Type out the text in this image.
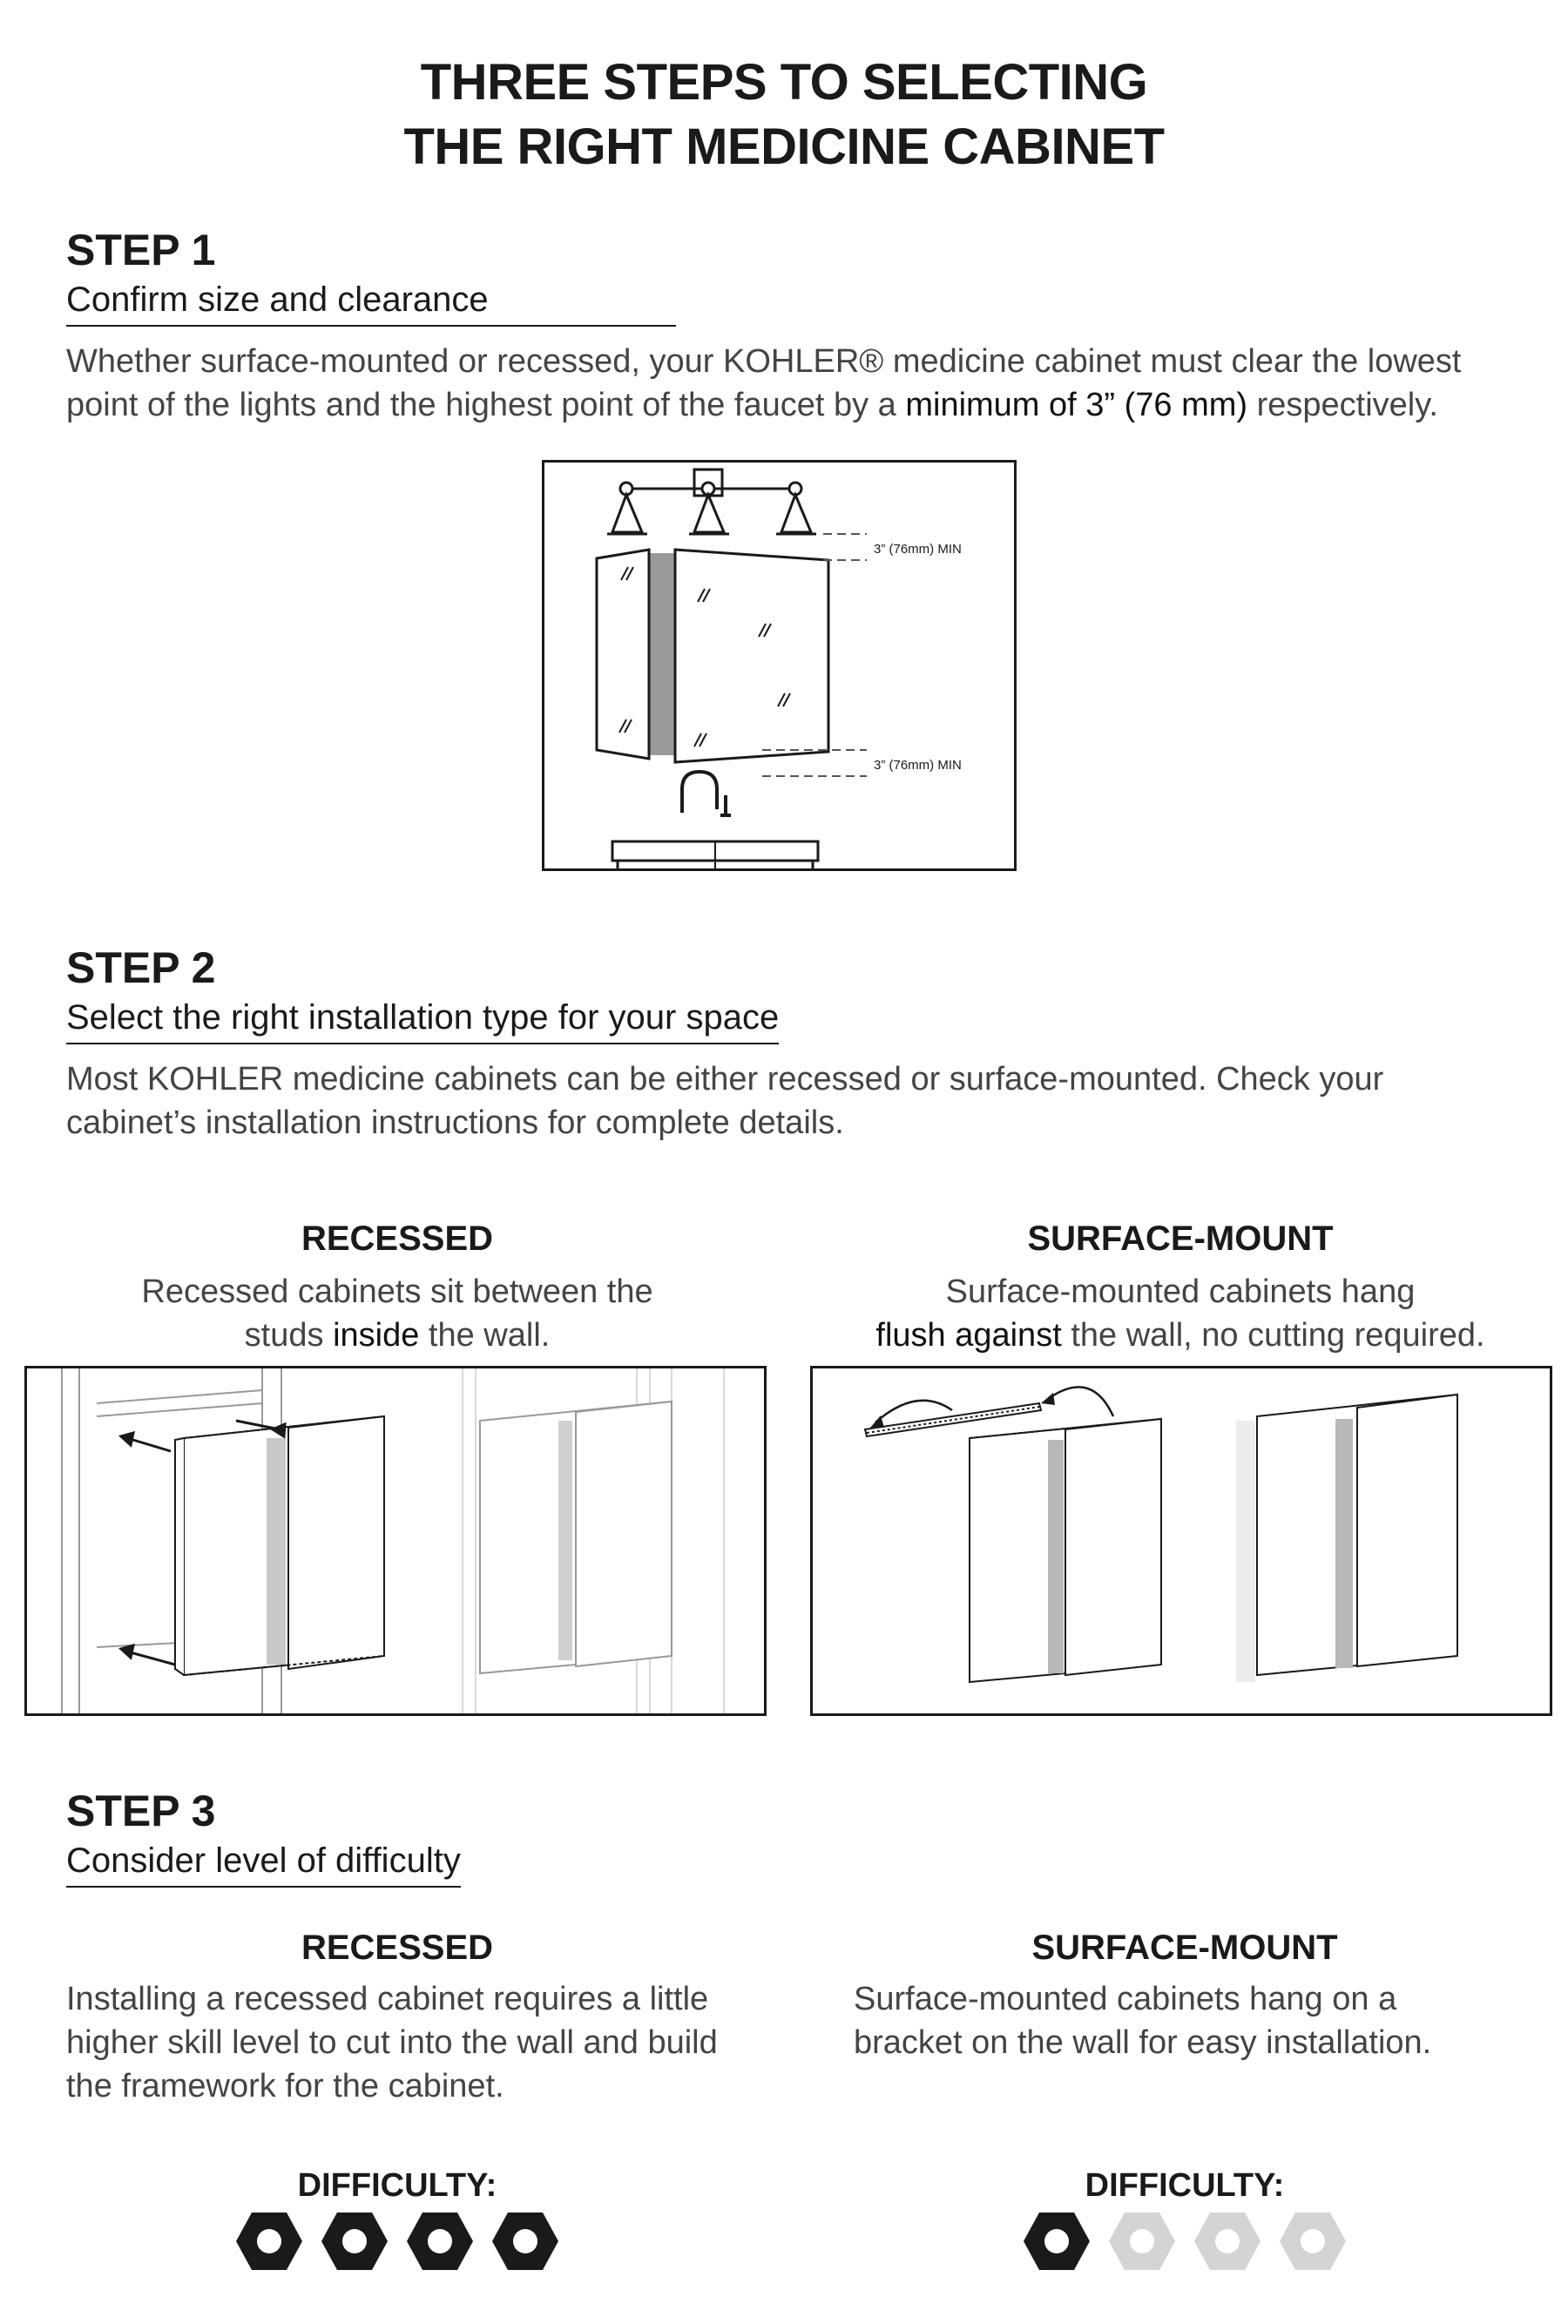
THREE STEPS TO SELECTING
THE RIGHT MEDICINE CABINET
STEP 1
Confirm size and clearance
Whether surface-mounted or recessed, your KOHLER® medicine cabinet must clear the lowest point of the lights and the highest point of the faucet by a minimum of 3” (76 mm) respectively.
3” (76mm) MIN
3” (76mm) MIN
STEP 2
Select the right installation type for your space
Most KOHLER medicine cabinets can be either recessed or surface-mounted. Check your cabinet’s installation instructions for complete details.
RECESSED
Recessed cabinets sit between the
studs inside the wall.
SURFACE-MOUNT
Surface-mounted cabinets hang
flush against the wall, no cutting required.
STEP 3
Consider level of difficulty
RECESSED
Installing a recessed cabinet requires a little higher skill level to cut into the wall and build the framework for the cabinet.
SURFACE-MOUNT
Surface-mounted cabinets hang on a bracket on the wall for easy installation.
DIFFICULTY:	DIFFICULTY:
